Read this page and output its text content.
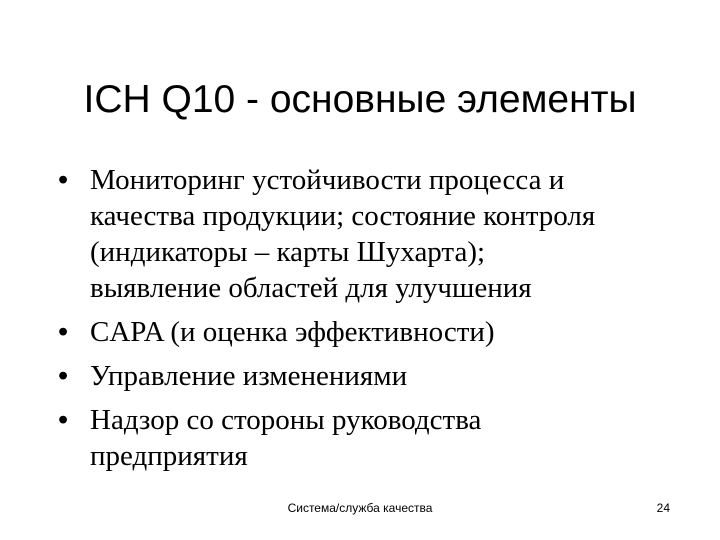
ICH Q10 - основные элементы
• Мониторинг устойчивости процесса и
качества продукции; состояние контроля
(индикаторы – карты Шухарта);
выявление областей для улучшения
• CAPA (и оценка эффективности)
• Управление изменениями
• Надзор со стороны руководства
предприятия
Система/служба качества	24
